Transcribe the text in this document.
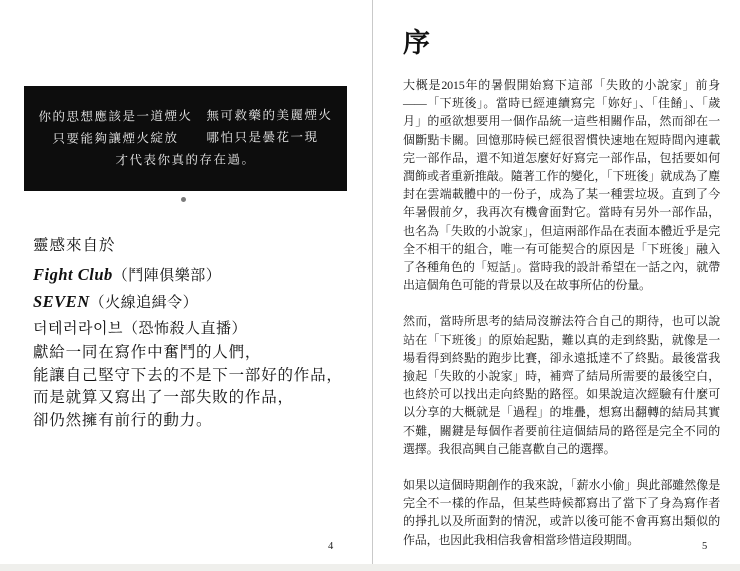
你的思想應該是一道煙火　無可救藥的美麗煙火
只要能夠讓煙火綻放　　哪怕只是曇花一現
才代表你真的存在過。
靈感來自於
Fight Club（鬥陣俱樂部）
SEVEN（火線追緝令）
더테러라이브（恐怖殺人直播）
獻給一同在寫作中奮鬥的人們，
能讓自己堅守下去的不是下一部好的作品，
而是就算又寫出了一部失敗的作品，
卻仍然擁有前行的動力。
4
序

大概是2015年的暑假開始寫下這部「失敗的小說家」前身——「下班後」。當時已經連續寫完「妳好」、「佳餚」、「歲月」的亟欲想要用一個作品統一這些相關作品，然而卻在一個斷點卡關。回憶那時候已經很習慣快速地在短時間內連載完一部作品，還不知道怎麼好好寫完一部作品，包括要如何潤飾或者重新推敲。隨著工作的變化，「下班後」就成為了塵封在雲端載體中的一份子，成為了某一種雲垃圾。直到了今年暑假前夕，我再次有機會面對它。當時有另外一部作品，也名為「失敗的小說家」，但這兩部作品在表面本體近乎是完全不相干的組合，唯一有可能契合的原因是「下班後」融入了各種角色的「短話」。當時我的設計希望在一話之內，就帶出這個角色可能的背景以及在故事所佔的份量。

然而，當時所思考的結局沒辦法符合自己的期待，也可以說站在「下班後」的原始起點，難以真的走到終點，就像是一場看得到終點的跑步比賽，卻永遠抵達不了終點。最後當我撿起「失敗的小說家」時，補齊了結局所需要的最後空白，也終於可以找出走向終點的路徑。如果說這次經驗有什麼可以分享的大概就是「過程」的堆疊，想寫出翻轉的結局其實不難，關鍵是每個作者要前往這個結局的路徑是完全不同的選擇。我很高興自己能喜歡自己的選擇。

如果以這個時期創作的我來說，「薪水小偷」與此部雖然像是完全不一樣的作品，但某些時候都寫出了當下了身為寫作者的掙扎以及所面對的情況，或許以後可能不會再寫出類似的作品，也因此我相信我會相當珍惜這段期間。	5
